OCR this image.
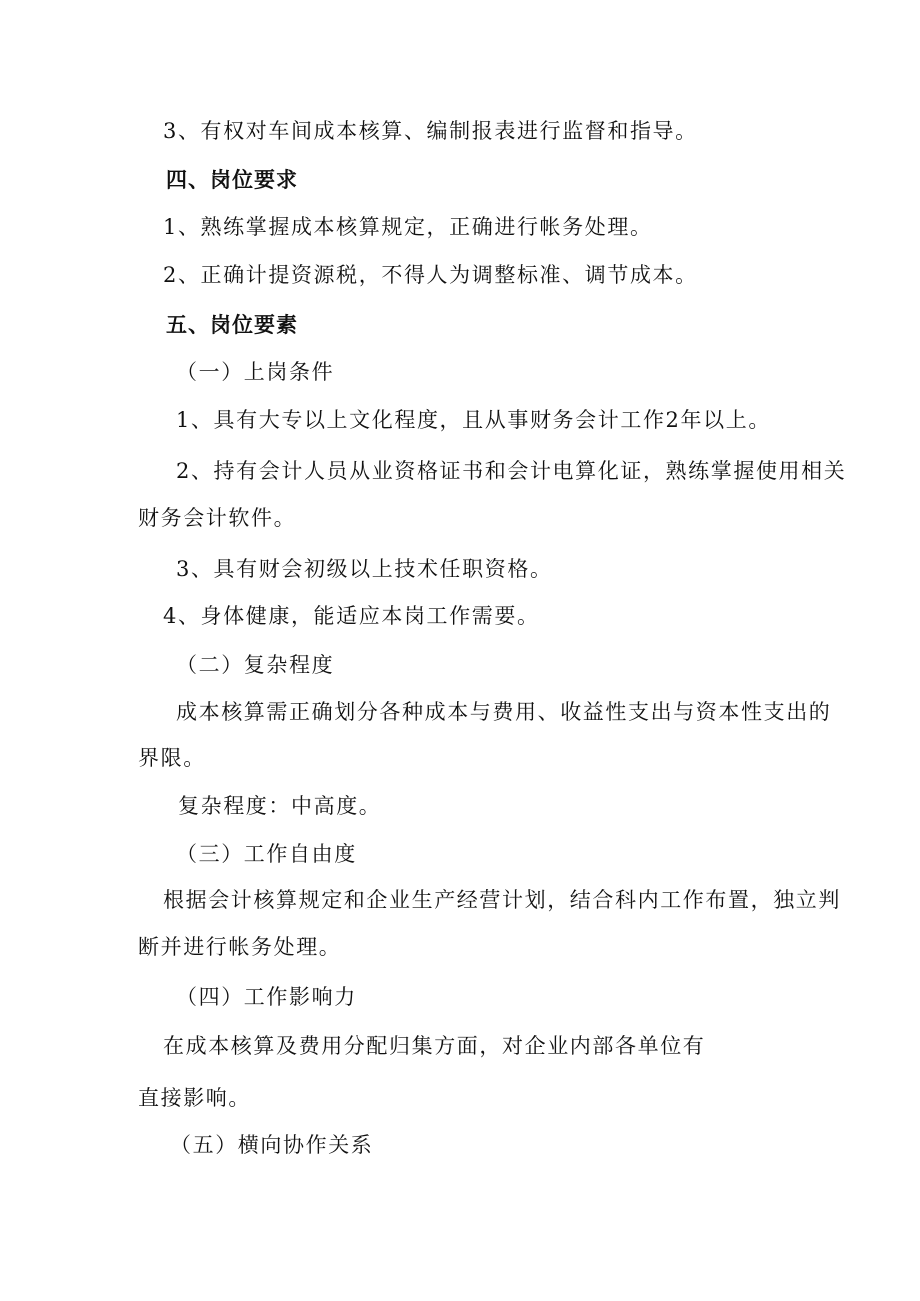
3、有权对车间成本核算、编制报表进行监督和指导。
四、岗位要求
1、熟练掌握成本核算规定，正确进行帐务处理。
2、正确计提资源税，不得人为调整标准、调节成本。
五、岗位要素
（一）上岗条件
1、具有大专以上文化程度，且从事财务会计工作2年以上。
2、持有会计人员从业资格证书和会计电算化证，熟练掌握使用相关
财务会计软件。
3、具有财会初级以上技术任职资格。
4、身体健康，能适应本岗工作需要。
（二）复杂程度
成本核算需正确划分各种成本与费用、收益性支出与资本性支出的
界限。
复杂程度：中高度。
（三）工作自由度
根据会计核算规定和企业生产经营计划，结合科内工作布置，独立判
断并进行帐务处理。
（四）工作影响力
在成本核算及费用分配归集方面，对企业内部各单位有
直接影响。
（五）横向协作关系
